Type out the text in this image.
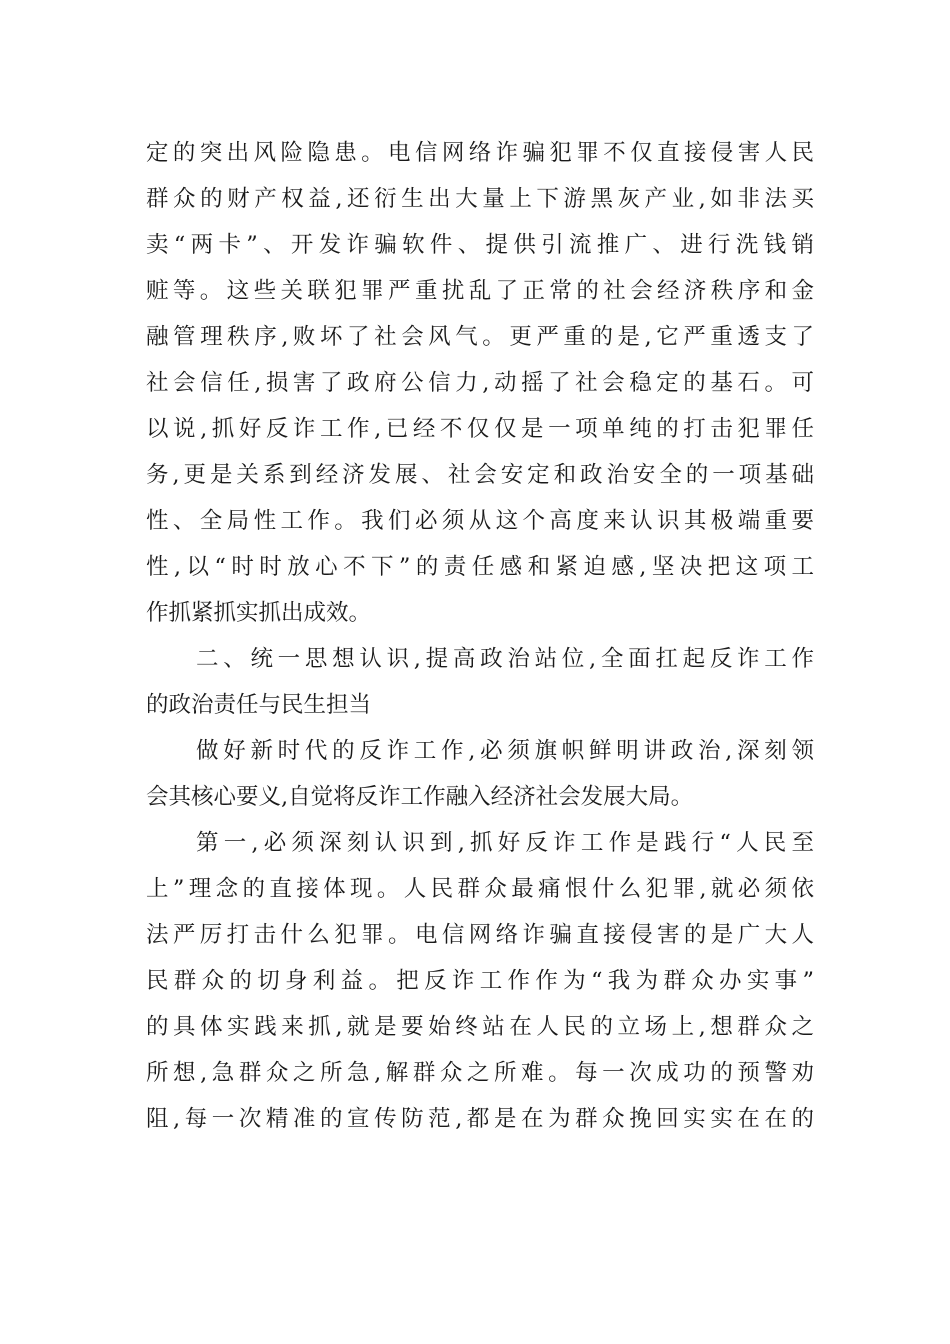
定的突出风险隐患。电信网络诈骗犯罪不仅直接侵害人民
群众的财产权益,还衍生出大量上下游黑灰产业,如非法买
卖“两卡”、开发诈骗软件、提供引流推广、进行洗钱销
赃等。这些关联犯罪严重扰乱了正常的社会经济秩序和金
融管理秩序,败坏了社会风气。更严重的是,它严重透支了
社会信任,损害了政府公信力,动摇了社会稳定的基石。可
以说,抓好反诈工作,已经不仅仅是一项单纯的打击犯罪任
务,更是关系到经济发展、社会安定和政治安全的一项基础
性、全局性工作。我们必须从这个高度来认识其极端重要
性,以“时时放心不下”的责任感和紧迫感,坚决把这项工
作抓紧抓实抓出成效。
二、统一思想认识,提高政治站位,全面扛起反诈工作
的政治责任与民生担当
做好新时代的反诈工作,必须旗帜鲜明讲政治,深刻领
会其核心要义,自觉将反诈工作融入经济社会发展大局。
第一,必须深刻认识到,抓好反诈工作是践行“人民至
上”理念的直接体现。人民群众最痛恨什么犯罪,就必须依
法严厉打击什么犯罪。电信网络诈骗直接侵害的是广大人
民群众的切身利益。把反诈工作作为“我为群众办实事”
的具体实践来抓,就是要始终站在人民的立场上,想群众之
所想,急群众之所急,解群众之所难。每一次成功的预警劝
阻,每一次精准的宣传防范,都是在为群众挽回实实在在的
